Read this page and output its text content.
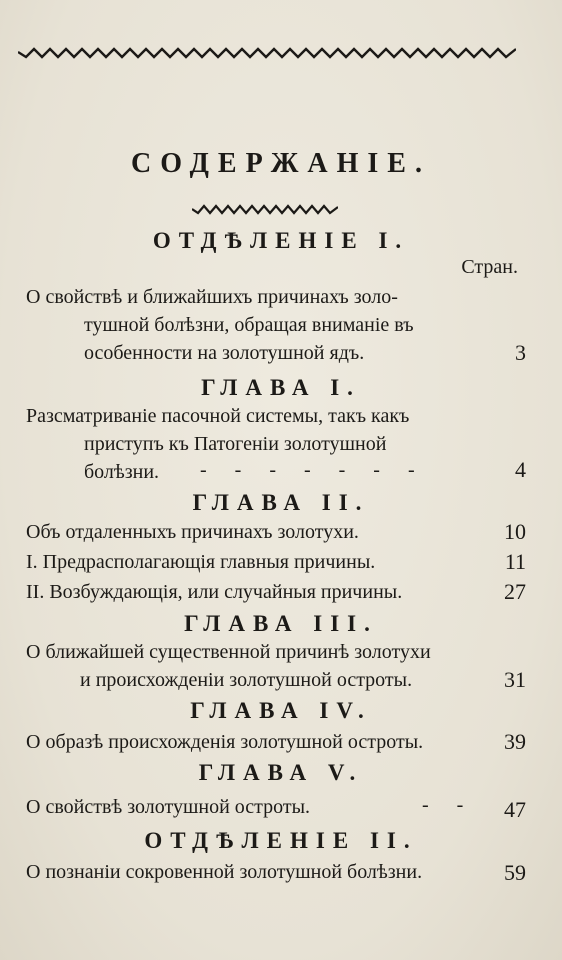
СОДЕРЖАНІЕ.
ОТДѢЛЕНІЕ I.
Стран.
О свойствѣ и ближайшихъ причинахъ золо-
тушной болѣзни, обращая вниманіе въ
особенности на золотушной ядъ.	3
ГЛАВА I.
Разсматриваніе пасочной системы, такъ какъ
приступъ къ Патогеніи золотушной
болѣзни.	-------	4
ГЛАВА II.
Объ отдаленныхъ причинахъ золотухи.	10
I. Предрасполагающія главныя причины.	11
II. Возбуждающія, или случайныя причины.	27
ГЛАВА III.
О ближайшей существенной причинѣ золотухи
и происхожденіи золотушной остроты.	31
ГЛАВА IV.
О образѣ происхожденія золотушной остроты.	39
ГЛАВА V.
О свойствѣ золотушной остроты.	-- 47
ОТДѢЛЕНІЕ II.
О познаніи сокровенной золотушной болѣзни.	59
